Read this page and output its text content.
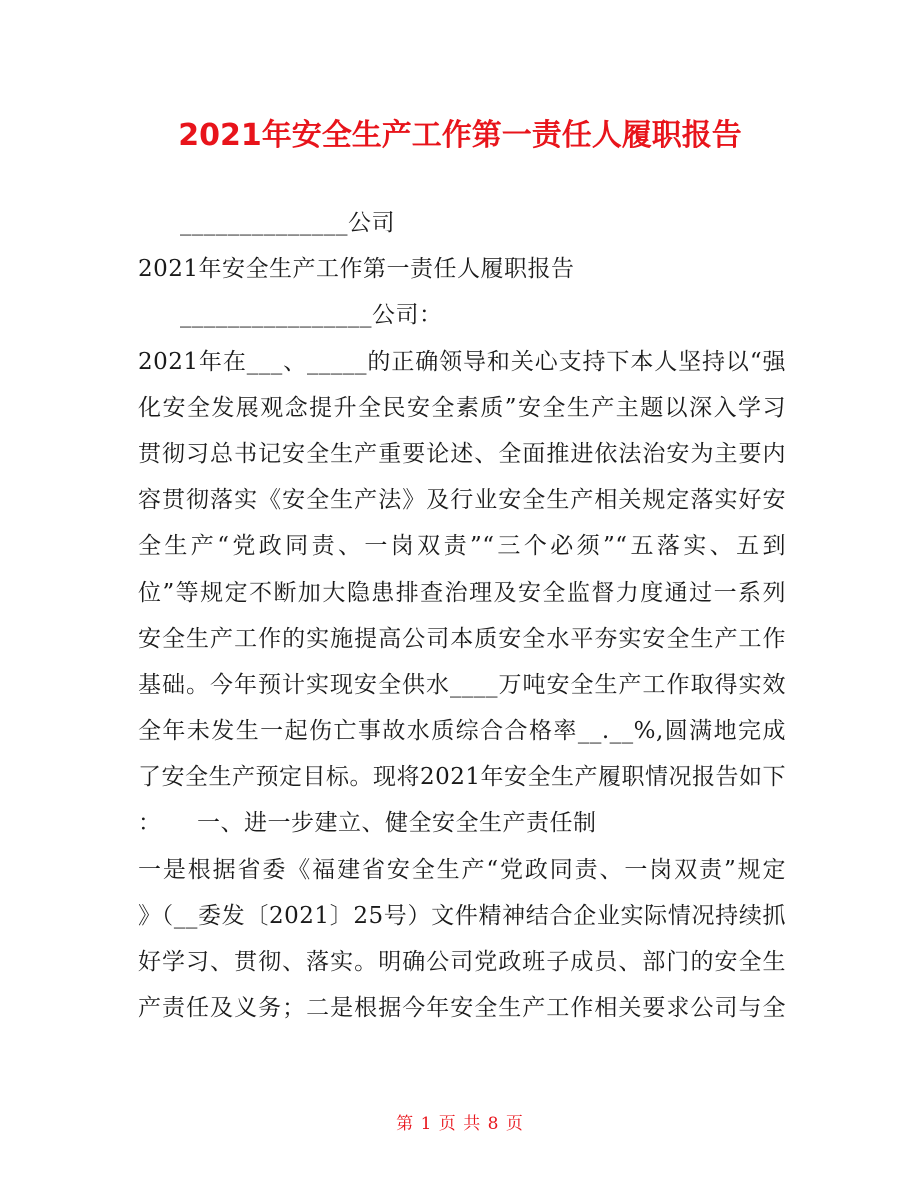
2021年安全生产工作第一责任人履职报告
______________公司
2021年安全生产工作第一责任人履职报告
________________公司：
2021年在___、_____的正确领导和关心支持下本人坚持以“强
化安全发展观念提升全民安全素质”安全生产主题以深入学习
贯彻习总书记安全生产重要论述、全面推进依法治安为主要内
容贯彻落实《安全生产法》及行业安全生产相关规定落实好安
全生产“党政同责、一岗双责”“三个必须”“五落实、五到
位”等规定不断加大隐患排查治理及安全监督力度通过一系列
安全生产工作的实施提高公司本质安全水平夯实安全生产工作
基础。今年预计实现安全供水____万吨安全生产工作取得实效
全年未发生一起伤亡事故水质综合合格率__.__%,圆满地完成
了安全生产预定目标。现将2021年安全生产履职情况报告如下
：　　一、进一步建立、健全安全生产责任制
一是根据省委《福建省安全生产“党政同责、一岗双责”规定
》（__委发〔2021〕25号）文件精神结合企业实际情况持续抓
好学习、贯彻、落实。明确公司党政班子成员、部门的安全生
产责任及义务；二是根据今年安全生产工作相关要求公司与全
第 1 页 共 8 页
